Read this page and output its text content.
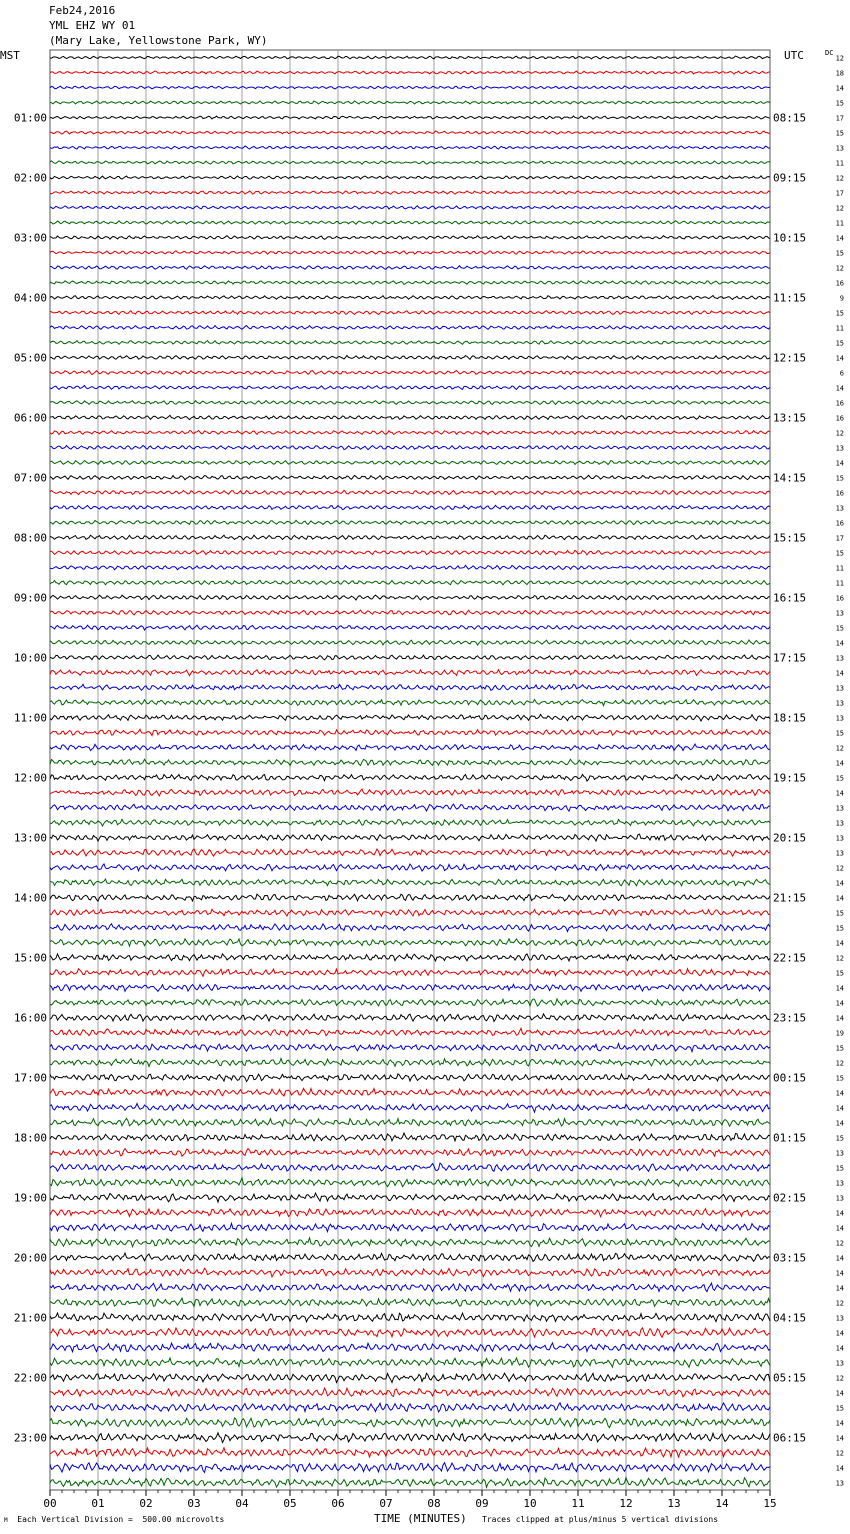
Feb24,2016
YML EHZ WY 01
(Mary Lake, Yellowstone Park, WY)
MST	UTC	DC
00	01	02	03	04	05	06	07	08	09	10	11	12	13	14	15
12
18
14
15
17
15
13
11
12
17
12
11
14
15
12
16
9
15
11
15
14
6
14
16
16
12
13
14
15
16
13
16
17
15
11
11
16
13
15
14
13
14
13
13
13
15
12
14
15
14
13
13
13
13
12
14
14
15
15
14
12
15
14
14
14
19
15
12
15
14
14
14
15
13
15
13
13
14
14
12
14
14
14
12
13
14
14
13
12
14
15
14
14
12
14
13
01:00
02:00
03:00
04:00
05:00
06:00
07:00
08:00
09:00
10:00
11:00
12:00
13:00
14:00
15:00
16:00
17:00
18:00
19:00
20:00
21:00
22:00
23:00
08:15
09:15
10:15
11:15
12:15
13:15
14:15
15:15
16:15
17:15
18:15
19:15
20:15
21:15
22:15
23:15
00:15
01:15
02:15
03:15
04:15
05:15
06:15
M Each Vertical Division =  500.00 microvolts	TIME (MINUTES) Traces clipped at plus/minus 5 vertical divisions
